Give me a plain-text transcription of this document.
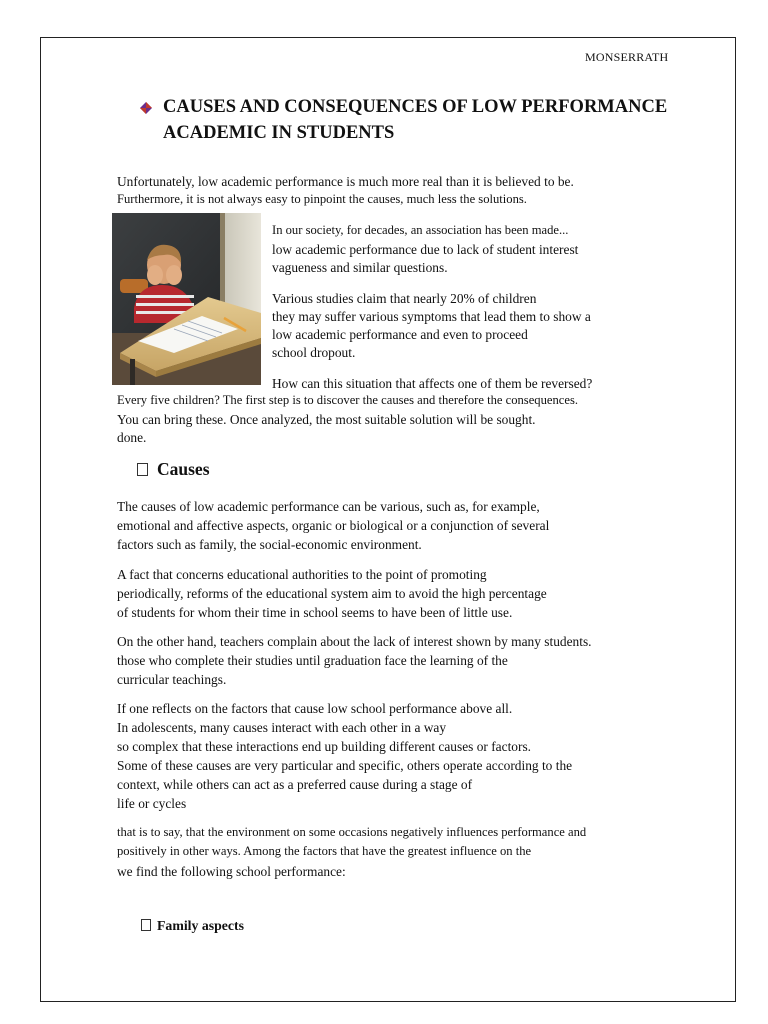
MONSERRATH
CAUSES AND CONSEQUENCES OF LOW PERFORMANCE
ACADEMIC IN STUDENTS

Unfortunately, low academic performance is much more real than it is believed to be.

Furthermore, it is not always easy to pinpoint the causes, much less the solutions.

In our society, for decades, an association has been made...

low academic performance due to lack of student interest

vagueness and similar questions.

Various studies claim that nearly 20% of children

they may suffer various symptoms that lead them to show a

low academic performance and even to proceed

school dropout.

How can this situation that affects one of them be reversed?

Every five children? The first step is to discover the causes and therefore the consequences.

You can bring these. Once analyzed, the most suitable solution will be sought.

done.

Causes

The causes of low academic performance can be various, such as, for example,

emotional and affective aspects, organic or biological or a conjunction of several

factors such as family, the social-economic environment.

A fact that concerns educational authorities to the point of promoting

periodically, reforms of the educational system aim to avoid the high percentage

of students for whom their time in school seems to have been of little use.

On the other hand, teachers complain about the lack of interest shown by many students.

those who complete their studies until graduation face the learning of the

curricular teachings.

If one reflects on the factors that cause low school performance above all.

In adolescents, many causes interact with each other in a way

so complex that these interactions end up building different causes or factors.

Some of these causes are very particular and specific, others operate according to the

context, while others can act as a preferred cause during a stage of

life or cycles

that is to say, that the environment on some occasions negatively influences performance and

positively in other ways. Among the factors that have the greatest influence on the

we find the following school performance:

Family aspects
